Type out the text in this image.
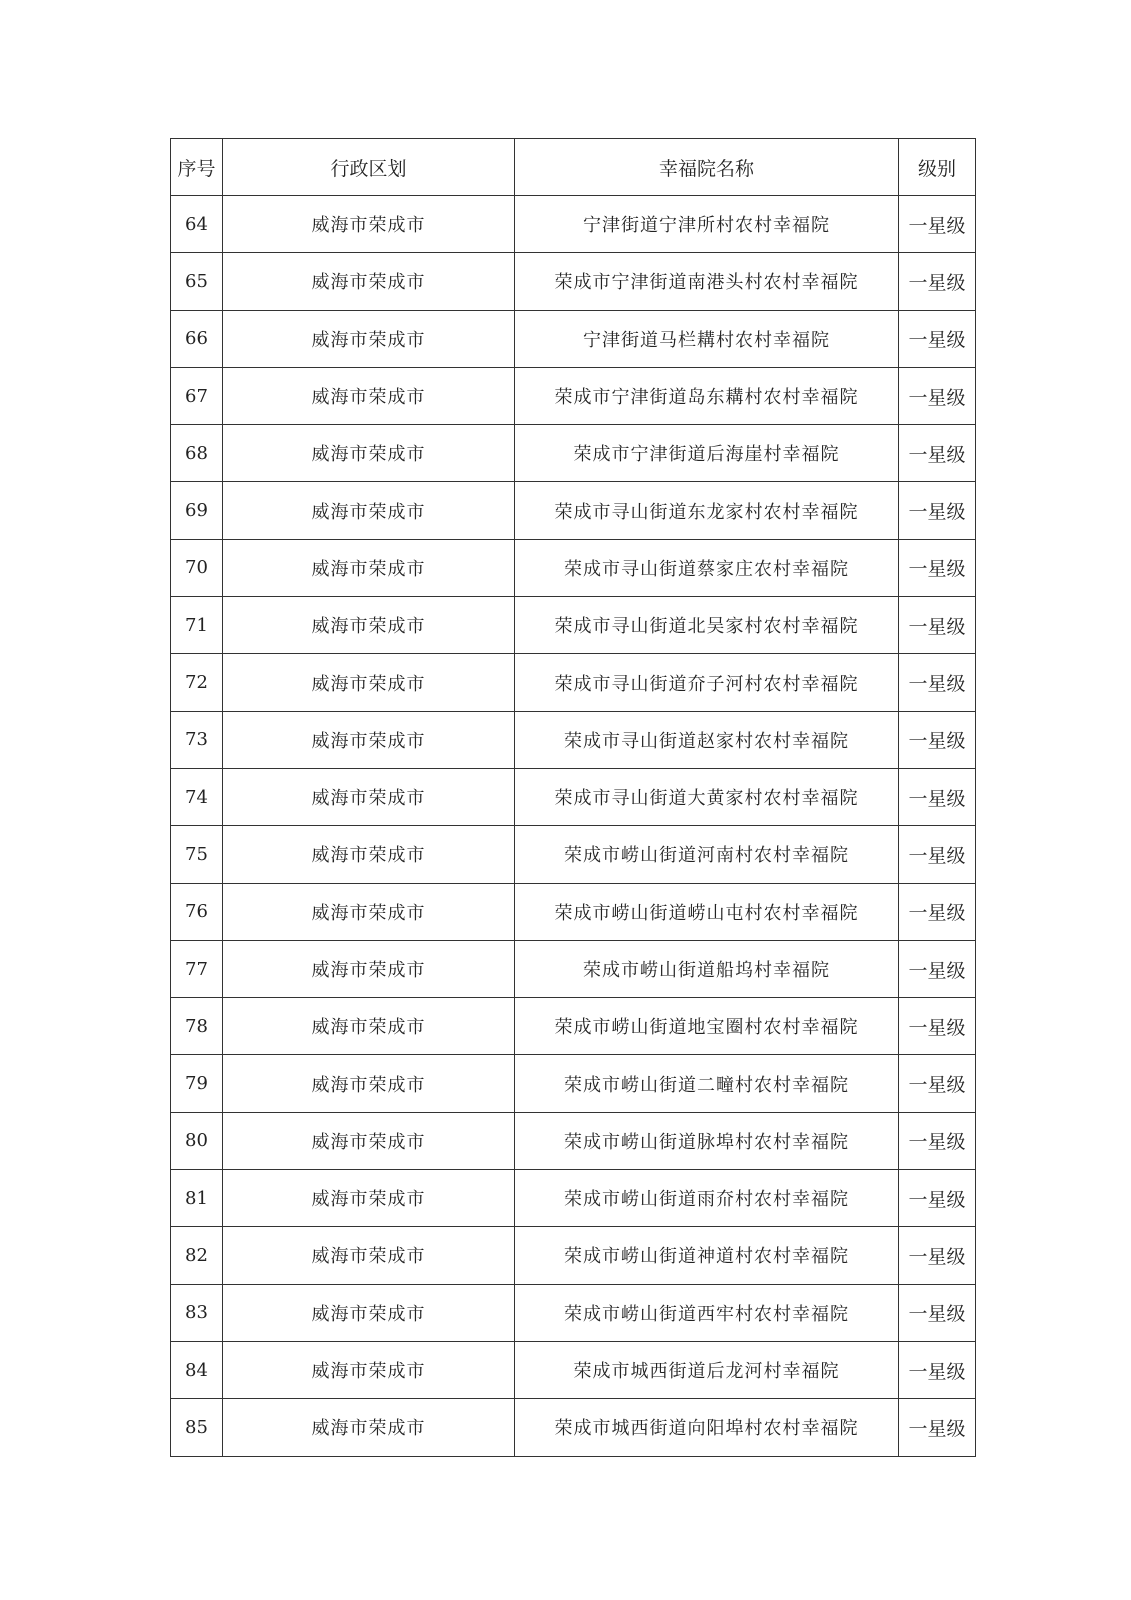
序号	行政区划	幸福院名称	级别
64	威海市荣成市	宁津街道宁津所村农村幸福院	一星级
65	威海市荣成市	荣成市宁津街道南港头村农村幸福院	一星级
66	威海市荣成市	宁津街道马栏耩村农村幸福院	一星级
67	威海市荣成市	荣成市宁津街道岛东耩村农村幸福院	一星级
68	威海市荣成市	荣成市宁津街道后海崖村幸福院	一星级
69	威海市荣成市	荣成市寻山街道东龙家村农村幸福院	一星级
70	威海市荣成市	荣成市寻山街道蔡家庄农村幸福院	一星级
71	威海市荣成市	荣成市寻山街道北吴家村农村幸福院	一星级
72	威海市荣成市	荣成市寻山街道夼子河村农村幸福院	一星级
73	威海市荣成市	荣成市寻山街道赵家村农村幸福院	一星级
74	威海市荣成市	荣成市寻山街道大黄家村农村幸福院	一星级
75	威海市荣成市	荣成市崂山街道河南村农村幸福院	一星级
76	威海市荣成市	荣成市崂山街道崂山屯村农村幸福院	一星级
77	威海市荣成市	荣成市崂山街道船坞村幸福院	一星级
78	威海市荣成市	荣成市崂山街道地宝圈村农村幸福院	一星级
79	威海市荣成市	荣成市崂山街道二疃村农村幸福院	一星级
80	威海市荣成市	荣成市崂山街道脉埠村农村幸福院	一星级
81	威海市荣成市	荣成市崂山街道雨夼村农村幸福院	一星级
82	威海市荣成市	荣成市崂山街道神道村农村幸福院	一星级
83	威海市荣成市	荣成市崂山街道西牢村农村幸福院	一星级
84	威海市荣成市	荣成市城西街道后龙河村幸福院	一星级
85	威海市荣成市	荣成市城西街道向阳埠村农村幸福院	一星级
